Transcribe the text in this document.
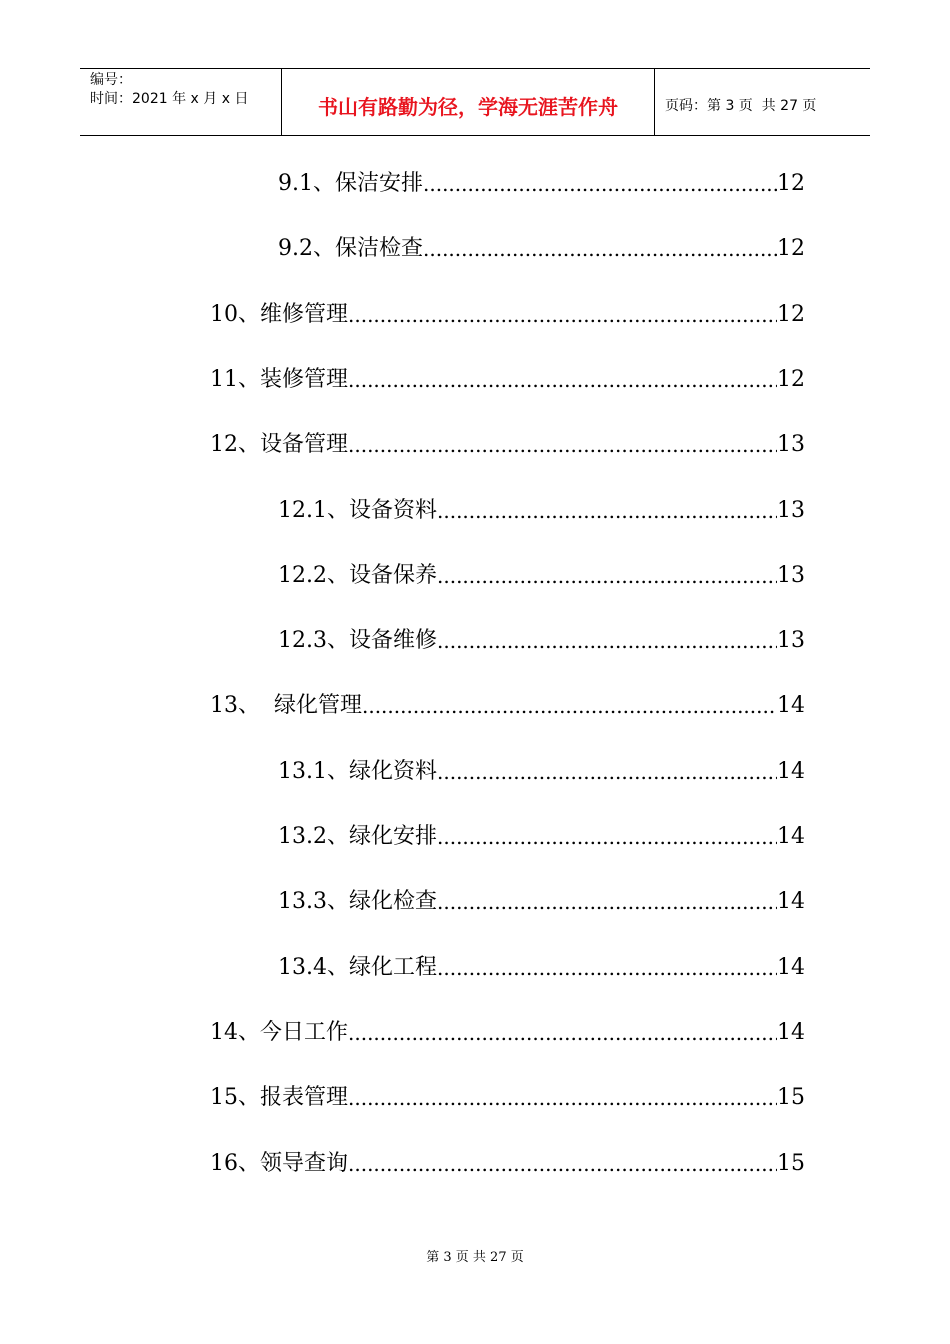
编号：
时间：2021 年 x 月 x 日	书山有路勤为径，学海无涯苦作舟	页码：第 3 页  共 27 页
9.1、保洁安排 .....	12
9.2、保洁检查 .....	12
10、维修管理 .....	12
11、装修管理 .....	12
12、设备管理 .....	13
12.1、设备资料 .....	13
12.2、设备保养 .....	13
12.3、设备维修 .....	13
13、  绿化管理 .....	14
13.1、绿化资料 .....	14
13.2、绿化安排 .....	14
13.3、绿化检查 .....	14
13.4、绿化工程 .....	14
14、今日工作 .....	14
15、报表管理 .....	15
16、领导查询 .....	15
第 3 页 共 27 页
